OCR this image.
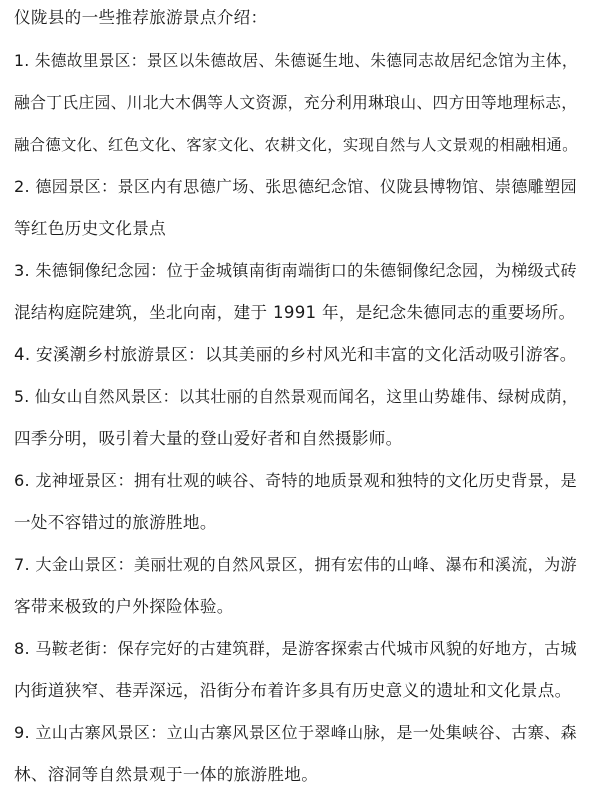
仪陇县的一些推荐旅游景点介绍：
1. 朱德故里景区：景区以朱德故居、朱德诞生地、朱德同志故居纪念馆为主体，
融合丁氏庄园、川北大木偶等人文资源，充分利用琳琅山、四方田等地理标志，
融合德文化、红色文化、客家文化、农耕文化，实现自然与人文景观的相融相通。
2. 德园景区：景区内有思德广场、张思德纪念馆、仪陇县博物馆、崇德雕塑园
等红色历史文化景点
3. 朱德铜像纪念园：位于金城镇南街南端街口的朱德铜像纪念园，为梯级式砖
混结构庭院建筑，坐北向南，建于 1991 年，是纪念朱德同志的重要场所。
4. 安溪潮乡村旅游景区：以其美丽的乡村风光和丰富的文化活动吸引游客。
5. 仙女山自然风景区：以其壮丽的自然景观而闻名，这里山势雄伟、绿树成荫，
四季分明，吸引着大量的登山爱好者和自然摄影师。
6. 龙神垭景区：拥有壮观的峡谷、奇特的地质景观和独特的文化历史背景，是
一处不容错过的旅游胜地。
7. 大金山景区：美丽壮观的自然风景区，拥有宏伟的山峰、瀑布和溪流，为游
客带来极致的户外探险体验。
8. 马鞍老街：保存完好的古建筑群，是游客探索古代城市风貌的好地方，古城
内街道狭窄、巷弄深远，沿街分布着许多具有历史意义的遗址和文化景点。
9. 立山古寨风景区：立山古寨风景区位于翠峰山脉，是一处集峡谷、古寨、森
林、溶洞等自然景观于一体的旅游胜地。
